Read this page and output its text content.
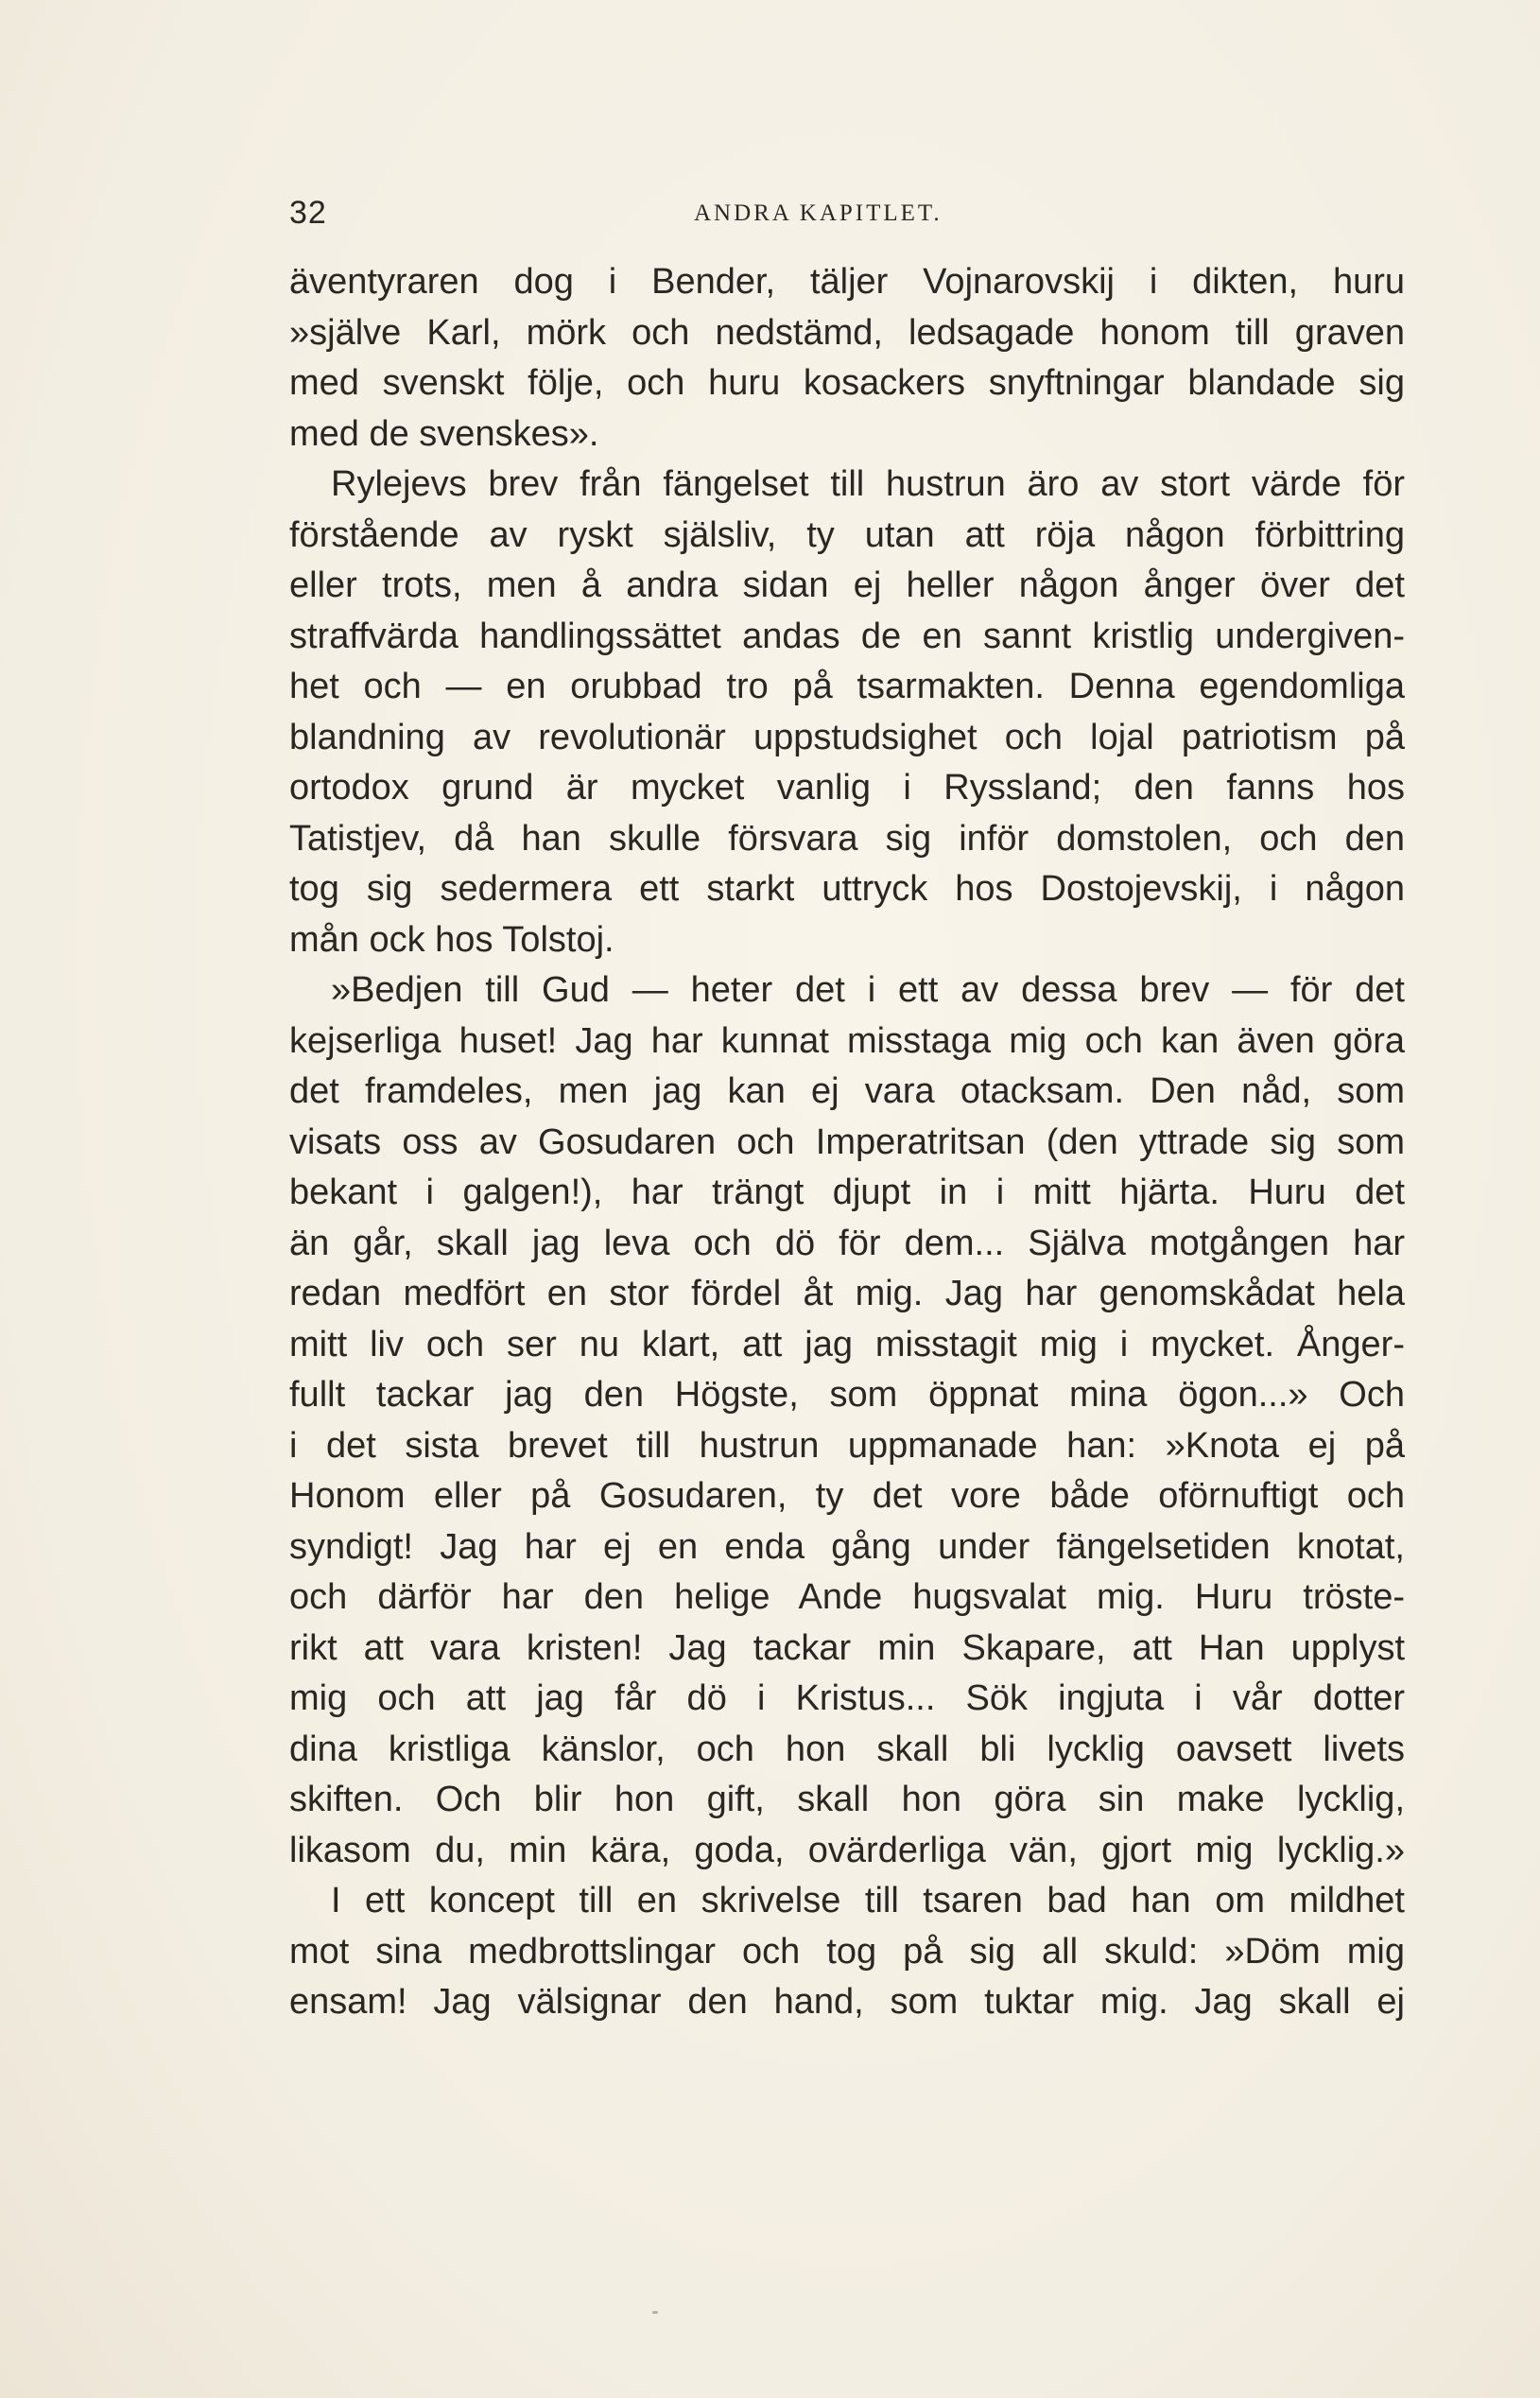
32	ANDRA KAPITLET.
äventyraren dog i Bender, täljer Vojnarovskij i dikten, huru
»själve Karl, mörk och nedstämd, ledsagade honom till graven
med svenskt följe, och huru kosackers snyftningar blandade sig
med de svenskes».
Rylejevs brev från fängelset till hustrun äro av stort värde för
förstående av ryskt själsliv, ty utan att röja någon förbittring
eller trots, men å andra sidan ej heller någon ånger över det
straffvärda handlingssättet andas de en sannt kristlig undergiven-
het och — en orubbad tro på tsarmakten. Denna egendomliga
blandning av revolutionär uppstudsighet och lojal patriotism på
ortodox grund är mycket vanlig i Ryssland; den fanns hos
Tatistjev, då han skulle försvara sig inför domstolen, och den
tog sig sedermera ett starkt uttryck hos Dostojevskij, i någon
mån ock hos Tolstoj.
»Bedjen till Gud — heter det i ett av dessa brev — för det
kejserliga huset! Jag har kunnat misstaga mig och kan även göra
det framdeles, men jag kan ej vara otacksam. Den nåd, som
visats oss av Gosudaren och Imperatritsan (den yttrade sig som
bekant i galgen!), har trängt djupt in i mitt hjärta. Huru det
än går, skall jag leva och dö för dem... Själva motgången har
redan medfört en stor fördel åt mig. Jag har genomskådat hela
mitt liv och ser nu klart, att jag misstagit mig i mycket. Ånger-
fullt tackar jag den Högste, som öppnat mina ögon...» Och
i det sista brevet till hustrun uppmanade han: »Knota ej på
Honom eller på Gosudaren, ty det vore både oförnuftigt och
syndigt! Jag har ej en enda gång under fängelsetiden knotat,
och därför har den helige Ande hugsvalat mig. Huru tröste-
rikt att vara kristen! Jag tackar min Skapare, att Han upplyst
mig och att jag får dö i Kristus... Sök ingjuta i vår dotter
dina kristliga känslor, och hon skall bli lycklig oavsett livets
skiften. Och blir hon gift, skall hon göra sin make lycklig,
likasom du, min kära, goda, ovärderliga vän, gjort mig lycklig.»
I ett koncept till en skrivelse till tsaren bad han om mildhet
mot sina medbrottslingar och tog på sig all skuld: »Döm mig
ensam! Jag välsignar den hand, som tuktar mig. Jag skall ej
